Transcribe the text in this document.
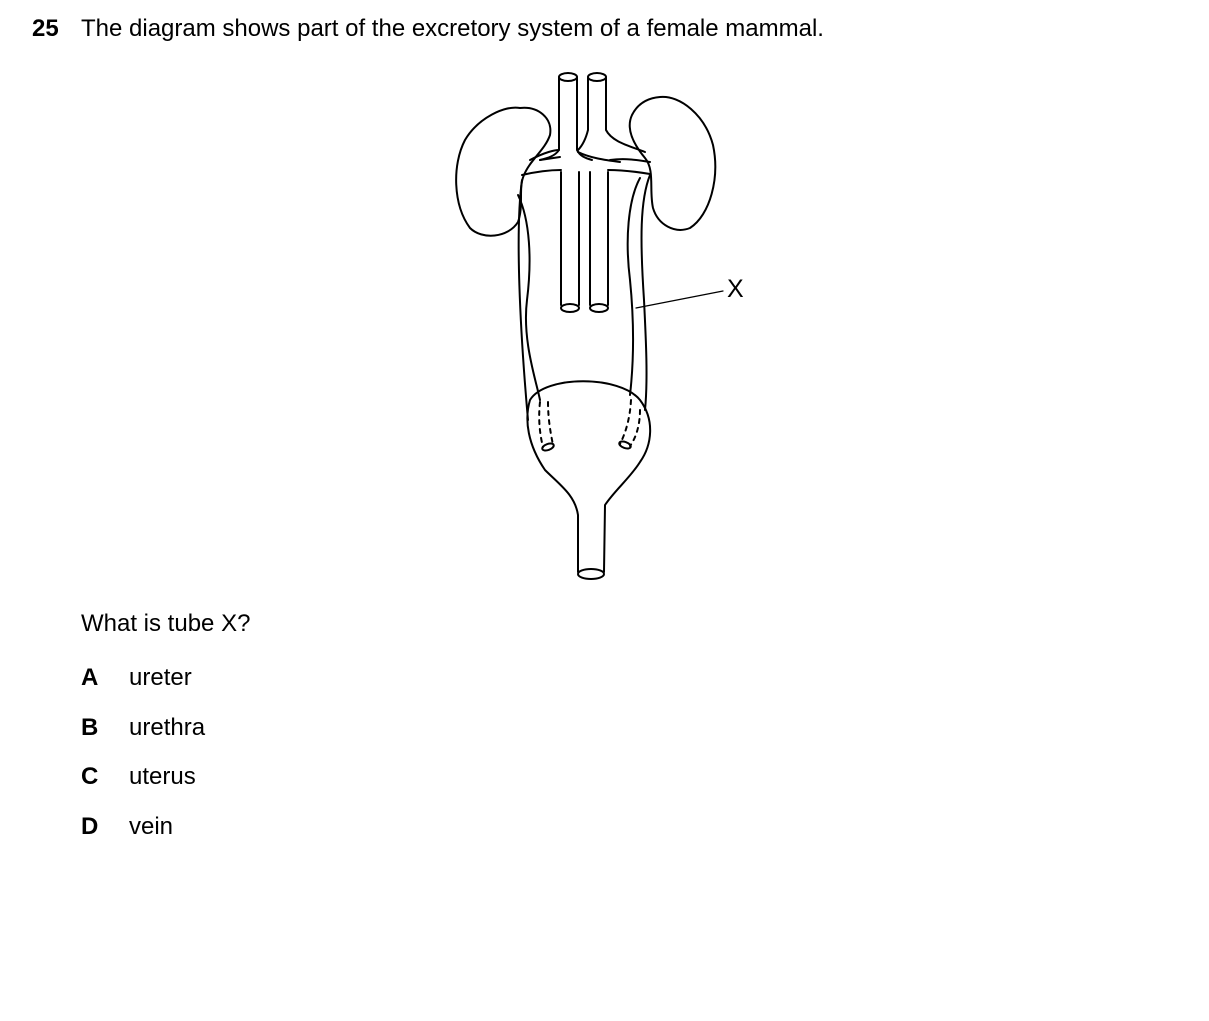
25 The diagram shows part of the excretory system of a female mammal.
X
What is tube X?
A	ureter
B	urethra
C	uterus
D	vein
